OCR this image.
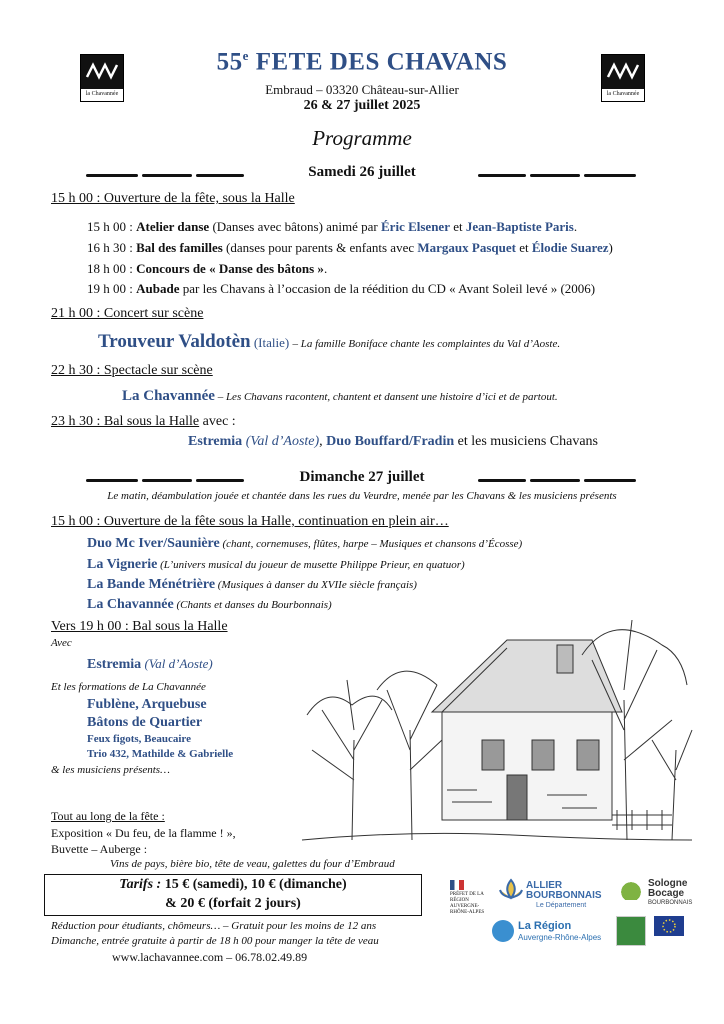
la Chavannée	la Chavannée
55e FETE DES CHAVANS
Embraud – 03320 Château-sur-Allier
26 & 27 juillet 2025
Programme
Samedi 26 juillet
15 h 00 : Ouverture de la fête, sous la Halle
15 h 00 : Atelier danse (Danses avec bâtons) animé par Éric Elsener et Jean-Baptiste Paris.
16 h 30 : Bal des familles (danses pour parents & enfants avec Margaux Pasquet et Élodie Suarez)
18 h 00 : Concours de « Danse des bâtons ».
19 h 00 : Aubade par les Chavans à l’occasion de la réédition du CD « Avant Soleil levé » (2006)
21 h 00 : Concert sur scène
Trouveur Valdotèn (Italie) – La famille Boniface chante les complaintes du Val d’Aoste.
22 h 30 : Spectacle sur scène
La Chavannée – Les Chavans racontent, chantent et dansent une histoire d’ici et de partout.
23 h 30 : Bal sous la Halle avec :
Estremia (Val d’Aoste), Duo Bouffard/Fradin et les musiciens Chavans
Dimanche 27 juillet
Le matin, déambulation jouée et chantée dans les rues du Veurdre, menée par les Chavans & les musiciens présents
15 h 00 : Ouverture de la fête sous la Halle, continuation en plein air…
Duo Mc Iver/Saunière (chant, cornemuses, flûtes, harpe – Musiques et chansons d’Écosse)
La Vignerie (L’univers musical du joueur de musette Philippe Prieur, en quatuor)
La Bande Ménétrière (Musiques à danser du XVIIe siècle français)
La Chavannée (Chants et danses du Bourbonnais)
Vers 19 h 00 : Bal sous la Halle
Avec
Estremia (Val d’Aoste)
Et les formations de La Chavannée
Fublène, Arquebuse
Bâtons de Quartier
Feux figots, Beaucaire
Trio 432, Mathilde & Gabrielle
& les musiciens présents…
Tout au long de la fête :
Exposition « Du feu, de la flamme ! »,
Buvette – Auberge :
Vins de pays, bière bio, tête de veau, galettes du four d’Embraud
Tarifs : 15 € (samedi), 10 € (dimanche)
& 20 € (forfait 2 jours)
Réduction pour étudiants, chômeurs… – Gratuit pour les moins de 12 ans
Dimanche, entrée gratuite à partir de 18 h 00 pour manger la tête de veau
www.lachavannee.com – 06.78.02.49.89
PRÉFET DE LA RÉGION AUVERGNE-RHÔNE-ALPES
ALLIER
BOURBONNAIS
Le Département
Sologne
Bocage
BOURBONNAIS
La Région
Auvergne-Rhône-Alpes
